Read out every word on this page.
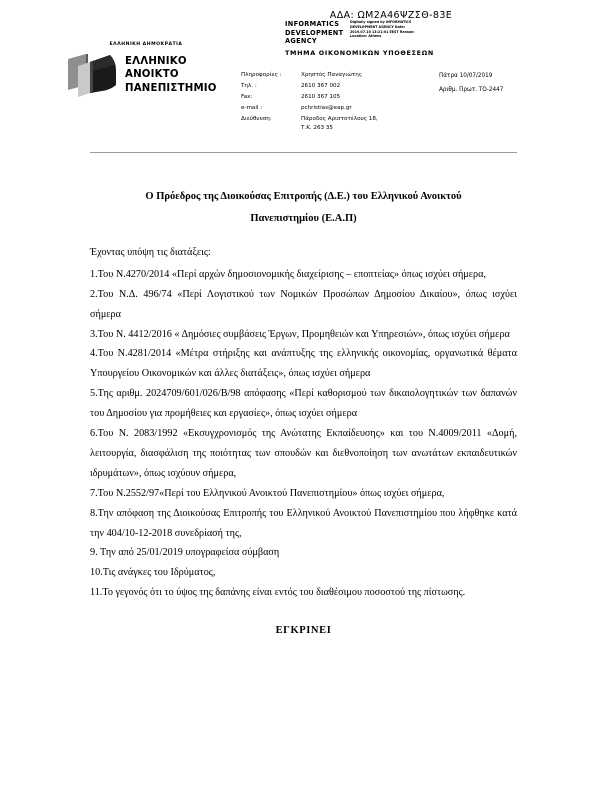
ΑΔΑ: ΩΜ2Α46ΨΖΣΘ-83Ε
ΕΛΛΗΝΙΚΗ ΔΗΜΟΚΡΑΤΙΑ
ΕΛΛΗΝΙΚΟ
ΑΝΟΙΚΤΟ
ΠΑΝΕΠΙΣΤΗΜΙΟ
INFORMATICS DEVELOPMENT AGENCY
Digitally signed by INFORMATICS DEVELOPMENT AGENCY Date: 2019.07.10 13:21:01 EEST Reason: Location: Athens
ΤΜΗΜΑ ΟΙΚΟΝΟΜΙΚΩΝ ΥΠΟΘΕΣΕΩΝ
Πληροφορίες :	Χρηστός Παναγιώτης
Τηλ. :	2610 367 002
Fax:	2610 367 105
e-mail :	pchristias@eap.gr
Διεύθυνση:	Πάροδος Αριστοτέλους 18,
Τ.Κ. 263 35
Πάτρα 10/07/2019
Αριθμ. Πρωτ. ΤΟ-2447
Ο Πρόεδρος της Διοικούσας Επιτροπής (Δ.Ε.) του Ελληνικού Ανοικτού
Πανεπιστημίου (Ε.Α.Π)

Έχοντας υπόψη τις διατάξεις:

1.Του Ν.4270/2014 «Περί αρχών δημοσιονομικής διαχείρισης – εποπτείας» όπως ισχύει σήμερα,
2.Του Ν.Δ. 496/74 «Περί Λογιστικού των Νομικών Προσώπων Δημοσίου Δικαίου», όπως ισχύει σήμερα
3.Του Ν. 4412/2016 « Δημόσιες συμβάσεις Έργων, Προμηθειών και Υπηρεσιών», όπως ισχύει σήμερα
4.Του Ν.4281/2014 «Μέτρα στήριξης και ανάπτυξης της ελληνικής οικονομίας, οργανωτικά θέματα Υπουργείου Οικονομικών και άλλες διατάξεις», όπως ισχύει σήμερα
5.Της αριθμ. 2024709/601/026/Β/98 απόφασης «Περί καθορισμού των δικαιολογητικών των δαπανών του Δημοσίου για προμήθειες και εργασίες», όπως ισχύει σήμερα
6.Του Ν. 2083/1992 «Εκσυγχρονισμός της Ανώτατης Εκπαίδευσης» και του Ν.4009/2011 «Δομή, λειτουργία, διασφάλιση της ποιότητας των σπουδών και διεθνοποίηση των ανωτάτων εκπαιδευτικών ιδρυμάτων», όπως ισχύουν σήμερα,
7.Του Ν.2552/97«Περί του Ελληνικού Ανοικτού Πανεπιστημίου» όπως ισχύει σήμερα,
8.Την απόφαση της Διοικούσας Επιτροπής του Ελληνικού Ανοικτού Πανεπιστημίου που λήφθηκε κατά την 404/10-12-2018 συνεδρίασή της,
9. Την από 25/01/2019 υπογραφείσα σύμβαση
10.Τις ανάγκες του Ιδρύματος,
11.Το γεγονός ότι το ύψος της δαπάνης είναι εντός του διαθέσιμου ποσοστού της πίστωσης.
ΕΓΚΡΙΝΕΙ
